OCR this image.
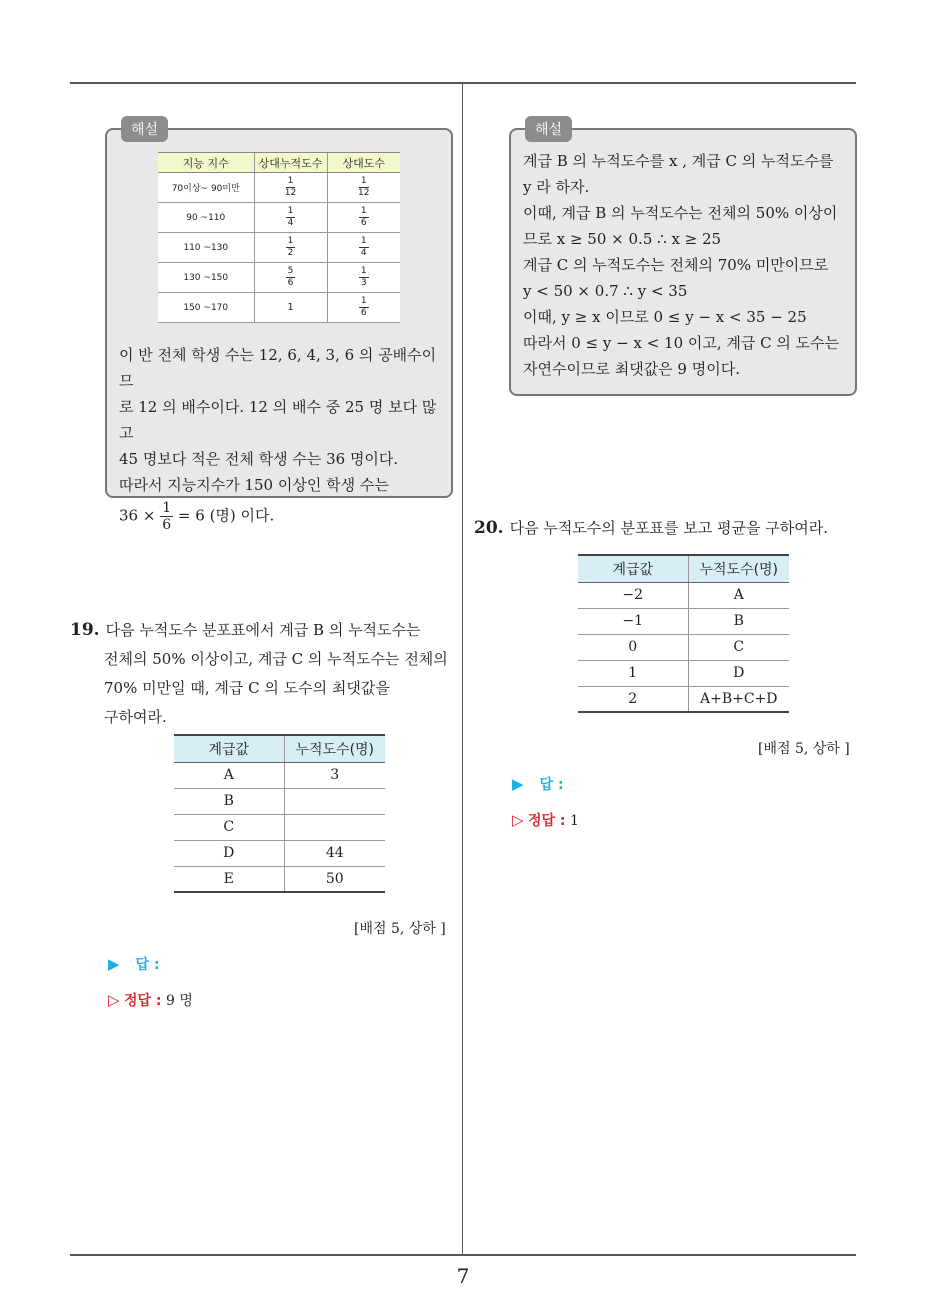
해설
지능 지수	상대누적도수	상대도수
70이상~ 90미만	$\frac{1}{12}$	$\frac{1}{12}$

90 ~110	$\frac{1}{4}$	$\frac{1}{6}$

110 ~130	$\frac{1}{2}$	$\frac{1}{4}$

130 ~150	$\frac{5}{6}$	$\frac{1}{3}$

150 ~170	1	$\frac{1}{6}$

이 반 전체 학생 수는 12, 6, 4, 3, 6 의 공배수이므

로 12 의 배수이다. 12 의 배수 중 25 명 보다 많고

45 명보다 적은 전체 학생 수는 36 명이다.

따라서 지능지수가 150 이상인 학생 수는

$36 \times \frac{1}{6} = 6$ (명) 이다.

해설

계급 B 의 누적도수를 x , 계급 C 의 누적도수를

y 라 하자.

이때, 계급 B 의 누적도수는 전체의 50% 이상이

므로 x ≥ 50 × 0.5 ∴ x ≥ 25

계급 C 의 누적도수는 전체의 70% 미만이므로

y < 50 × 0.7 ∴ y < 35

이때, y ≥ x 이므로 0 ≤ y − x < 35 − 25

따라서 0 ≤ y − x < 10 이고, 계급 C 의 도수는

자연수이므로 최댓값은 9 명이다.

19. 다음 누적도수 분포표에서 계급 B 의 누적도수는
전체의 50% 이상이고, 계급 C 의 누적도수는 전체의
70% 미만일 때, 계급 C 의 도수의 최댓값을
구하여라.
계급값	누적도수(명)
A	3
B	
C	
D	44
E	50
[배점 5, 상하 ]
▶ 답 :
▷ 정답 : 9 명
20. 다음 누적도수의 분포표를 보고 평균을 구하여라.
계급값	누적도수(명)
−2	A
−1	B
0	C
1	D
2	A+B+C+D
[배점 5, 상하 ]
▶ 답 :
▷ 정답 : 1
7
